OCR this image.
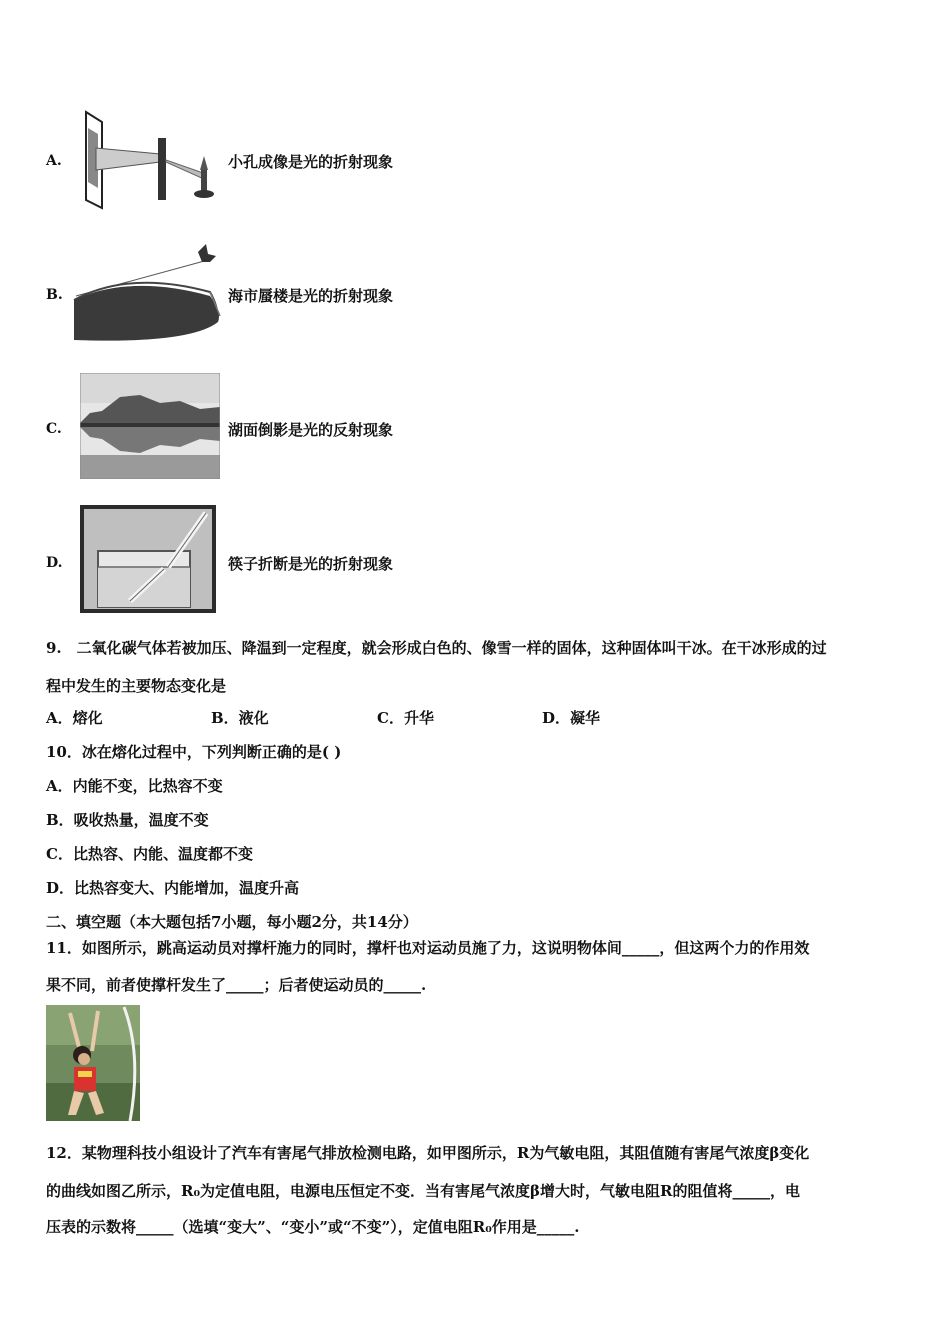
A.	小孔成像是光的折射现象
B.	海市蜃楼是光的折射现象
C.	湖面倒影是光的反射现象
D.	筷子折断是光的折射现象
9.　二氧化碳气体若被加压、降温到一定程度，就会形成白色的、像雪一样的固体，这种固体叫干冰。在干冰形成的过
程中发生的主要物态变化是
A．熔化	B．液化	C．升华	D．凝华
10．冰在熔化过程中，下列判断正确的是( )
A．内能不变，比热容不变
B．吸收热量，温度不变
C．比热容、内能、温度都不变
D．比热容变大、内能增加，温度升高
二、填空题（本大题包括7小题，每小题2分，共14分）
11．如图所示，跳高运动员对撑杆施力的同时，撑杆也对运动员施了力，这说明物体间_____，但这两个力的作用效
果不同，前者使撑杆发生了_____；后者使运动员的_____.
12．某物理科技小组设计了汽车有害尾气排放检测电路，如甲图所示，R为气敏电阻，其阻值随有害尾气浓度β变化
的曲线如图乙所示，R₀为定值电阻，电源电压恒定不变．当有害尾气浓度β增大时，气敏电阻R的阻值将_____，电
压表的示数将_____（选填“变大”、“变小”或“不变”），定值电阻R₀作用是_____.
